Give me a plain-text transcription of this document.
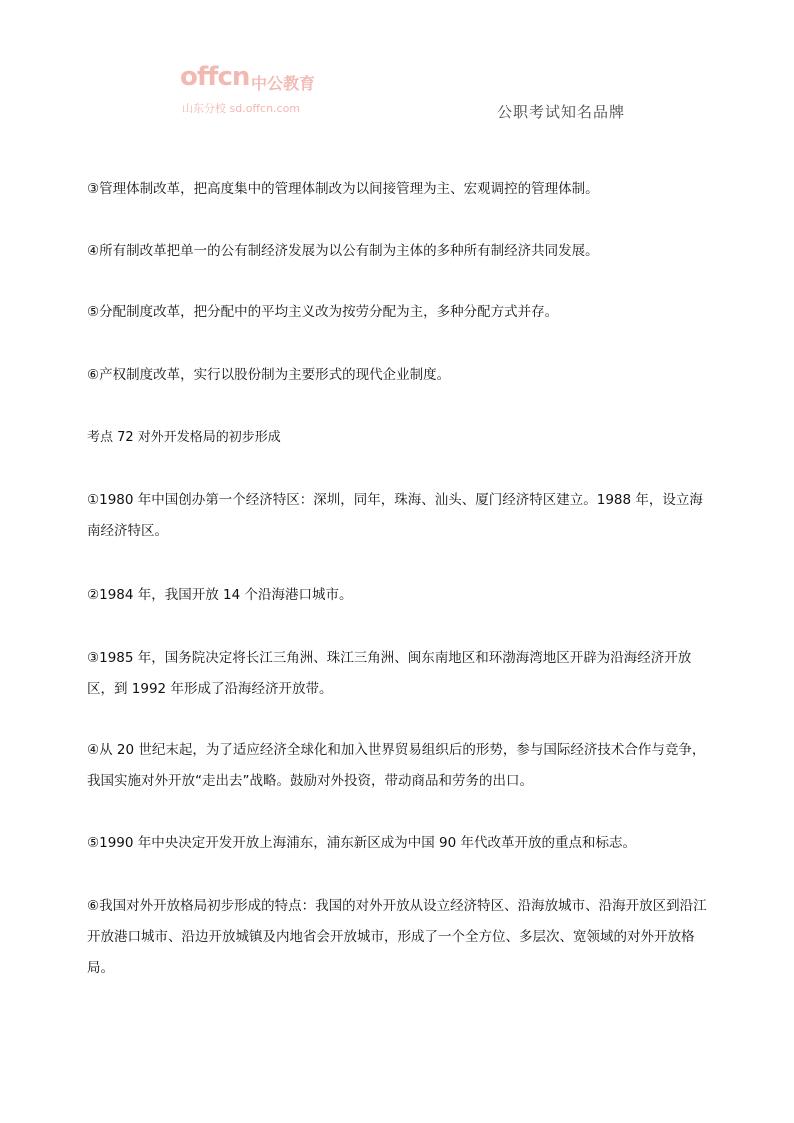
offcn 中公教育
山东分校 sd.offcn.com	公职考试知名品牌

③管理体制改革，把高度集中的管理体制改为以间接管理为主、宏观调控的管理体制。

④所有制改革把单一的公有制经济发展为以公有制为主体的多种所有制经济共同发展。

⑤分配制度改革，把分配中的平均主义改为按劳分配为主，多种分配方式并存。

⑥产权制度改革，实行以股份制为主要形式的现代企业制度。

考点 72 对外开发格局的初步形成

①1980 年中国创办第一个经济特区：深圳，同年，珠海、汕头、厦门经济特区建立。1988 年，设立海南经济特区。

②1984 年，我国开放 14 个沿海港口城市。

③1985 年，国务院决定将长江三角洲、珠江三角洲、闽东南地区和环渤海湾地区开辟为沿海经济开放区，到 1992 年形成了沿海经济开放带。

④从 20 世纪末起，为了适应经济全球化和加入世界贸易组织后的形势，参与国际经济技术合作与竞争，我国实施对外开放“走出去”战略。鼓励对外投资，带动商品和劳务的出口。

⑤1990 年中央决定开发开放上海浦东，浦东新区成为中国 90 年代改革开放的重点和标志。

⑥我国对外开放格局初步形成的特点：我国的对外开放从设立经济特区、沿海放城市、沿海开放区到沿江开放港口城市、沿边开放城镇及内地省会开放城市，形成了一个全方位、多层次、宽领域的对外开放格局。
